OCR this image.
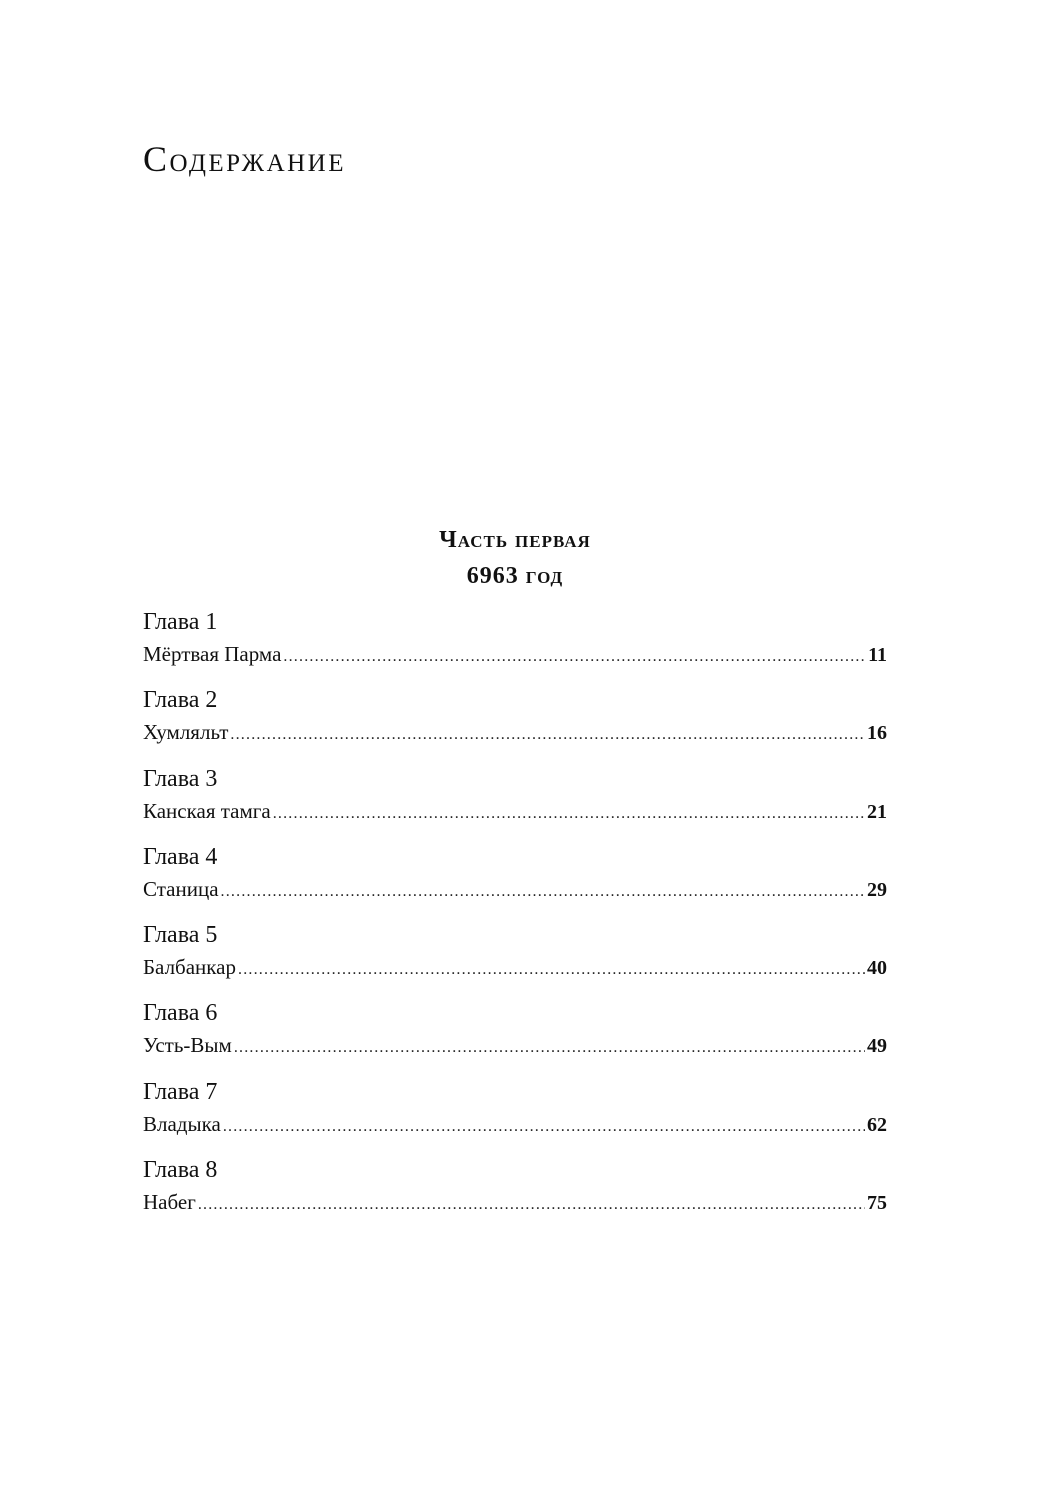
Содержание
Часть первая
6963 год
Глава 1
Мёртвая Парма .....	11
Глава 2
Хумляльт .....	16
Глава 3
Канская тамга .....	21
Глава 4
Станица .....	29
Глава 5
Балбанкар .....	40
Глава 6
Усть-Вым .....	49
Глава 7
Владыка .....	62
Глава 8
Набег .....	75
